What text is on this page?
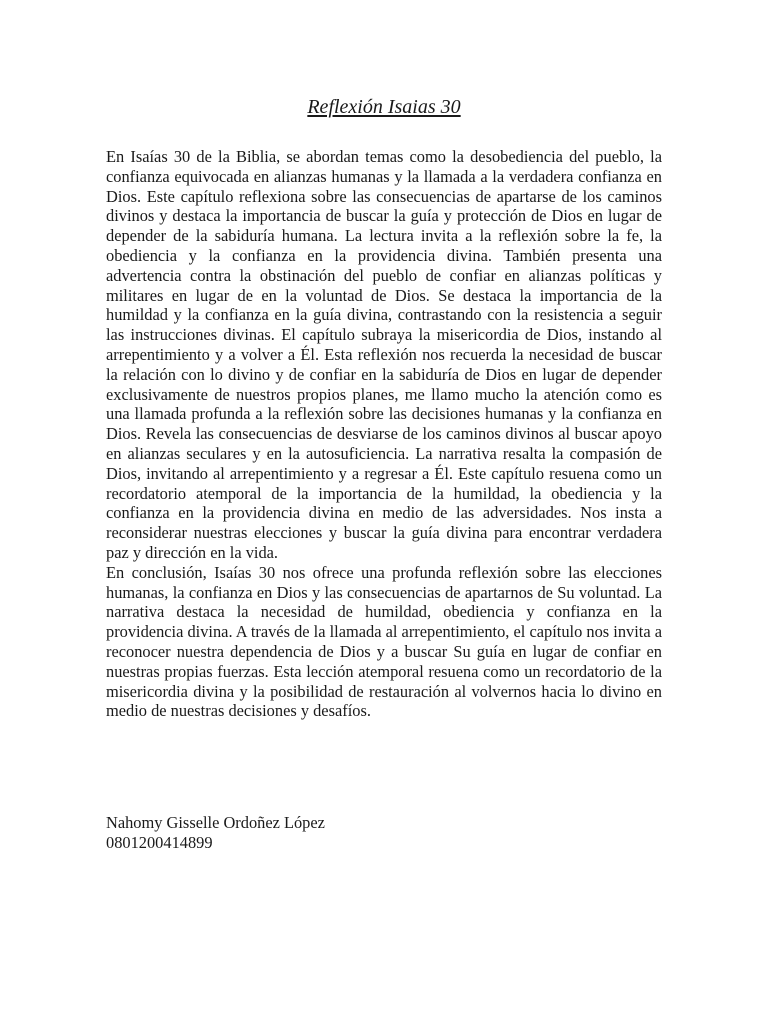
Reflexión Isaias 30

En Isaías 30 de la Biblia, se abordan temas como la desobediencia del pueblo, la confianza equivocada en alianzas humanas y la llamada a la verdadera confianza en Dios. Este capítulo reflexiona sobre las consecuencias de apartarse de los caminos divinos y destaca la importancia de buscar la guía y protección de Dios en lugar de depender de la sabiduría humana. La lectura invita a la reflexión sobre la fe, la obediencia y la confianza en la providencia divina. También presenta una advertencia contra la obstinación del pueblo de confiar en alianzas políticas y militares en lugar de en la voluntad de Dios. Se destaca la importancia de la humildad y la confianza en la guía divina, contrastando con la resistencia a seguir las instrucciones divinas. El capítulo subraya la misericordia de Dios, instando al arrepentimiento y a volver a Él. Esta reflexión nos recuerda la necesidad de buscar la relación con lo divino y de confiar en la sabiduría de Dios en lugar de depender exclusivamente de nuestros propios planes, me llamo mucho la atención como es una llamada profunda a la reflexión sobre las decisiones humanas y la confianza en Dios. Revela las consecuencias de desviarse de los caminos divinos al buscar apoyo en alianzas seculares y en la autosuficiencia. La narrativa resalta la compasión de Dios, invitando al arrepentimiento y a regresar a Él. Este capítulo resuena como un recordatorio atemporal de la importancia de la humildad, la obediencia y la confianza en la providencia divina en medio de las adversidades. Nos insta a reconsiderar nuestras elecciones y buscar la guía divina para encontrar verdadera paz y dirección en la vida.

En conclusión, Isaías 30 nos ofrece una profunda reflexión sobre las elecciones humanas, la confianza en Dios y las consecuencias de apartarnos de Su voluntad. La narrativa destaca la necesidad de humildad, obediencia y confianza en la providencia divina. A través de la llamada al arrepentimiento, el capítulo nos invita a reconocer nuestra dependencia de Dios y a buscar Su guía en lugar de confiar en nuestras propias fuerzas. Esta lección atemporal resuena como un recordatorio de la misericordia divina y la posibilidad de restauración al volvernos hacia lo divino en medio de nuestras decisiones y desafíos.

Nahomy Gisselle Ordoñez López
0801200414899
